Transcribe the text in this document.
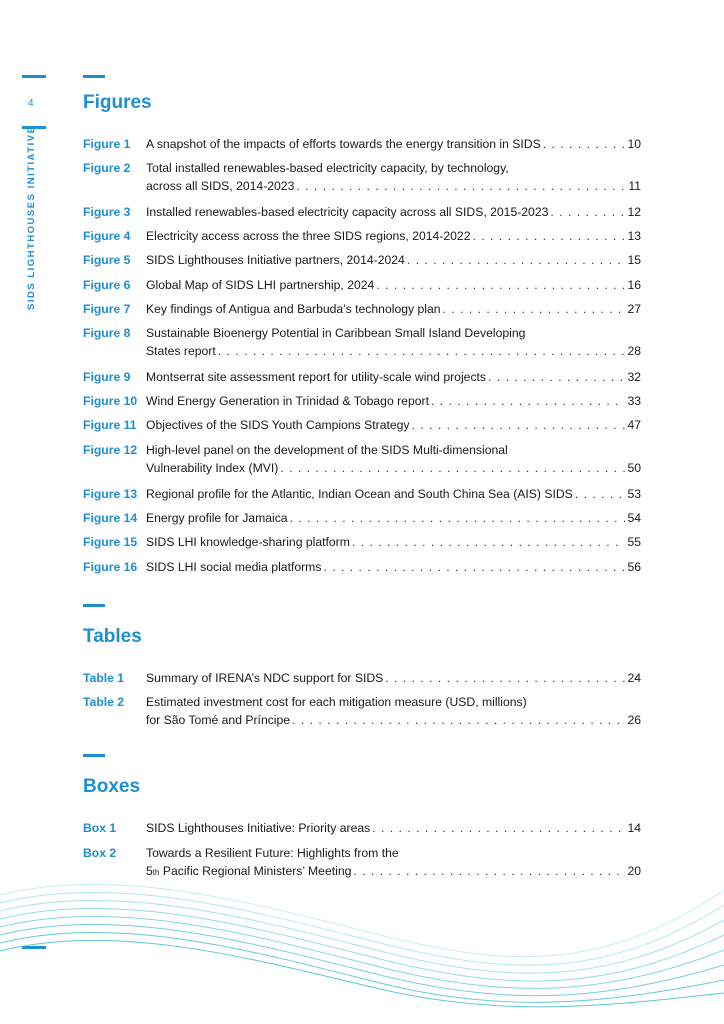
4
SIDS LIGHTHOUSES INITIATIVE
Figures
Figure 1 A snapshot of the impacts of efforts towards the energy transition in SIDS . . .	10
Figure 2 Total installed renewables-based electricity capacity, by technology,
across all SIDS, 2014-2023 . . .	11
Figure 3 Installed renewables-based electricity capacity across all SIDS, 2015-2023 . . .	12
Figure 4 Electricity access across the three SIDS regions, 2014-2022 . . .	13
Figure 5 SIDS Lighthouses Initiative partners, 2014-2024 . . .	15
Figure 6 Global Map of SIDS LHI partnership, 2024 . . .	16
Figure 7 Key findings of Antigua and Barbuda’s technology plan . . .	27
Figure 8 Sustainable Bioenergy Potential in Caribbean Small Island Developing
States report . . .	28
Figure 9 Montserrat site assessment report for utility-scale wind projects . . .	32
Figure 10 Wind Energy Generation in Trinidad & Tobago report . . .	33
Figure 11 Objectives of the SIDS Youth Campions Strategy . . .	47
Figure 12 High-level panel on the development of the SIDS Multi-dimensional
Vulnerability Index (MVI) . . .	50
Figure 13 Regional profile for the Atlantic, Indian Ocean and South China Sea (AIS) SIDS . . .	53
Figure 14 Energy profile for Jamaica . . .	54
Figure 15 SIDS LHI knowledge-sharing platform . . .	55
Figure 16 SIDS LHI social media platforms . . .	56
Tables
Table 1 Summary of IRENA’s NDC support for SIDS . . .	24
Table 2 Estimated investment cost for each mitigation measure (USD, millions)
for São Tomé and Príncipe . . .	26
Boxes
Box 1 SIDS Lighthouses Initiative: Priority areas . . .	14
Box 2 Towards a Resilient Future: Highlights from the
5 th
Pacific Regional Ministers’ Meeting . . .	20
